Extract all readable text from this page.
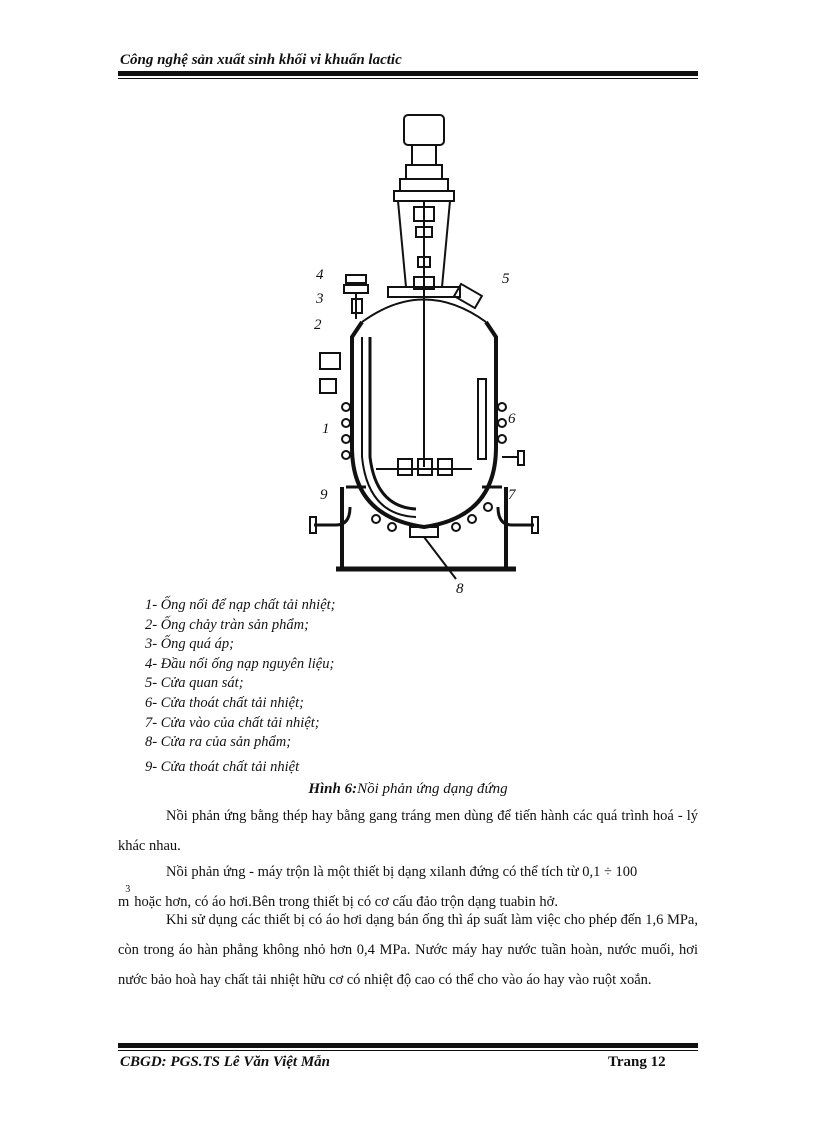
Công nghệ sản xuất sinh khối vi khuẩn lactic
1
2
3
4	5
6
7
8
9
1- Ống nối để nạp chất tải nhiệt;
2- Ống chảy tràn sản phẩm;
3- Ống quá áp;
4- Đầu nối ống nạp nguyên liệu;
5- Cửa quan sát;
6- Cửa thoát chất tải nhiệt;
7- Cửa vào của chất tải nhiệt;
8- Cửa ra của sản phẩm;
9- Cửa thoát chất tải nhiệt
Hình 6:Nồi phản ứng dạng đứng
Nồi phản ứng bằng thép hay bằng gang tráng men dùng để tiến hành các quá trình hoá - lý khác nhau.
Nồi phản ứng - máy trộn là một thiết bị dạng xilanh đứng có thể tích từ 0,1 ÷ 100
$m^3hoặc$ hơn, có áo hơi.Bên trong thiết bị có cơ cấu đảo trộn dạng tuabin hở.
Khi sử dụng các thiết bị có áo hơi dạng bán ống thì áp suất làm việc cho phép đến 1,6 MPa, còn trong áo hàn phẳng không nhỏ hơn 0,4 MPa. Nước máy hay nước tuần hoàn, nước muối, hơi nước bảo hoà hay chất tải nhiệt hữu cơ có nhiệt độ cao có thể cho vào áo hay vào ruột xoắn.
CBGD: PGS.TS Lê Văn Việt Mẫn	Trang 12
